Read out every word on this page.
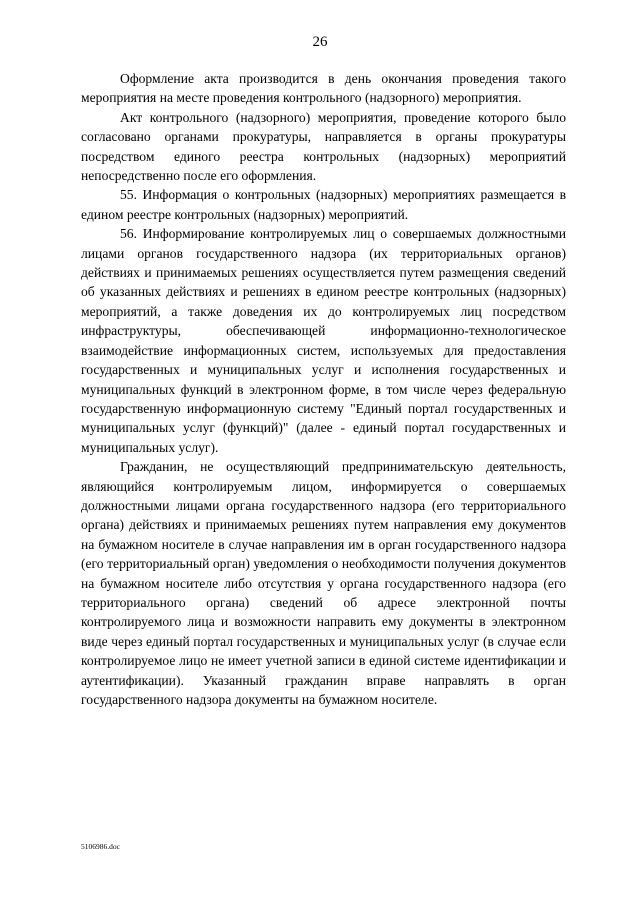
26

Оформление акта производится в день окончания проведения такого мероприятия на месте проведения контрольного (надзорного) мероприятия.

Акт контрольного (надзорного) мероприятия, проведение которого было согласовано органами прокуратуры, направляется в органы прокуратуры посредством единого реестра контрольных (надзорных) мероприятий непосредственно после его оформления.

55. Информация о контрольных (надзорных) мероприятиях размещается в едином реестре контрольных (надзорных) мероприятий.

56. Информирование контролируемых лиц о совершаемых должностными лицами органов государственного надзора (их территориальных органов) действиях и принимаемых решениях осуществляется путем размещения сведений об указанных действиях и решениях в едином реестре контрольных (надзорных) мероприятий, а также доведения их до контролируемых лиц посредством инфраструктуры, обеспечивающей информационно-технологическое взаимодействие информационных систем, используемых для предоставления государственных и муниципальных услуг и исполнения государственных и муниципальных функций в электронном форме, в том числе через федеральную государственную информационную систему "Единый портал государственных и муниципальных услуг (функций)" (далее - единый портал государственных и муниципальных услуг).

Гражданин, не осуществляющий предпринимательскую деятельность, являющийся контролируемым лицом, информируется о совершаемых должностными лицами органа государственного надзора (его территориального органа) действиях и принимаемых решениях путем направления ему документов на бумажном носителе в случае направления им в орган государственного надзора (его территориальный орган) уведомления о необходимости получения документов на бумажном носителе либо отсутствия у органа государственного надзора (его территориального органа) сведений об адресе электронной почты контролируемого лица и возможности направить ему документы в электронном виде через единый портал государственных и муниципальных услуг (в случае если контролируемое лицо не имеет учетной записи в единой системе идентификации и аутентификации). Указанный гражданин вправе направлять в орган государственного надзора документы на бумажном носителе.

5106986.doc
